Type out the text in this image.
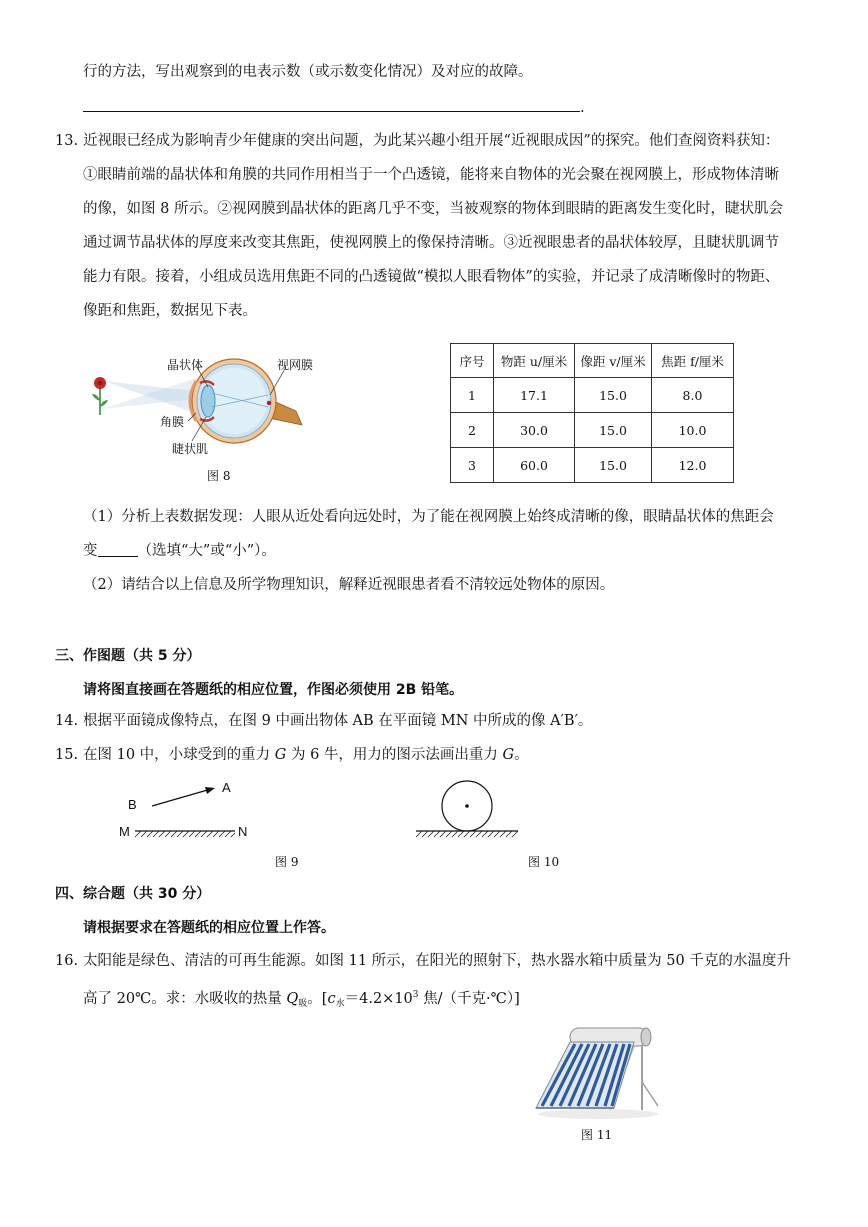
行的方法，写出观察到的电表示数（或示数变化情况）及对应的故障。
.
13. 近视眼已经成为影响青少年健康的突出问题，为此某兴趣小组开展“近视眼成因”的探究。他们查阅资料获知：
①眼睛前端的晶状体和角膜的共同作用相当于一个凸透镜，能将来自物体的光会聚在视网膜上，形成物体清晰
的像，如图 8 所示。②视网膜到晶状体的距离几乎不变，当被观察的物体到眼睛的距离发生变化时，睫状肌会
通过调节晶状体的厚度来改变其焦距，使视网膜上的像保持清晰。③近视眼患者的晶状体较厚，且睫状肌调节
能力有限。接着，小组成员选用焦距不同的凸透镜做“模拟人眼看物体”的实验，并记录了成清晰像时的物距、
像距和焦距，数据见下表。
晶状体	视网膜
角膜
睫状肌
图 8
序号	物距 u/厘米	像距 v/厘米	焦距 f/厘米
1	17.1	15.0	8.0
2	30.0	15.0	10.0
3	60.0	15.0	12.0
（1）分析上表数据发现：人眼从近处看向远处时，为了能在视网膜上始终成清晰的像，眼睛晶状体的焦距会
变	（选填“大”或“小”）。
（2）请结合以上信息及所学物理知识，解释近视眼患者看不清较远处物体的原因。
三、作图题（共 5 分）
请将图直接画在答题纸的相应位置，作图必须使用 2B 铅笔。
14. 根据平面镜成像特点，在图 9 中画出物体 AB 在平面镜 MN 中所成的像 A′B′。
15. 在图 10 中，小球受到的重力 G 为 6 牛，用力的图示法画出重力 G。
A
B
M	N
图 9	图 10
四、综合题（共 30 分）
请根据要求在答题纸的相应位置上作答。
16. 太阳能是绿色、清洁的可再生能源。如图 11 所示，在阳光的照射下，热水器水箱中质量为 50 千克的水温度升
高了 20℃。求：水吸收的热量 $Q_吸$。[$c_水=4.2\times 10^3$ 焦/（千克·℃）]
图 11
